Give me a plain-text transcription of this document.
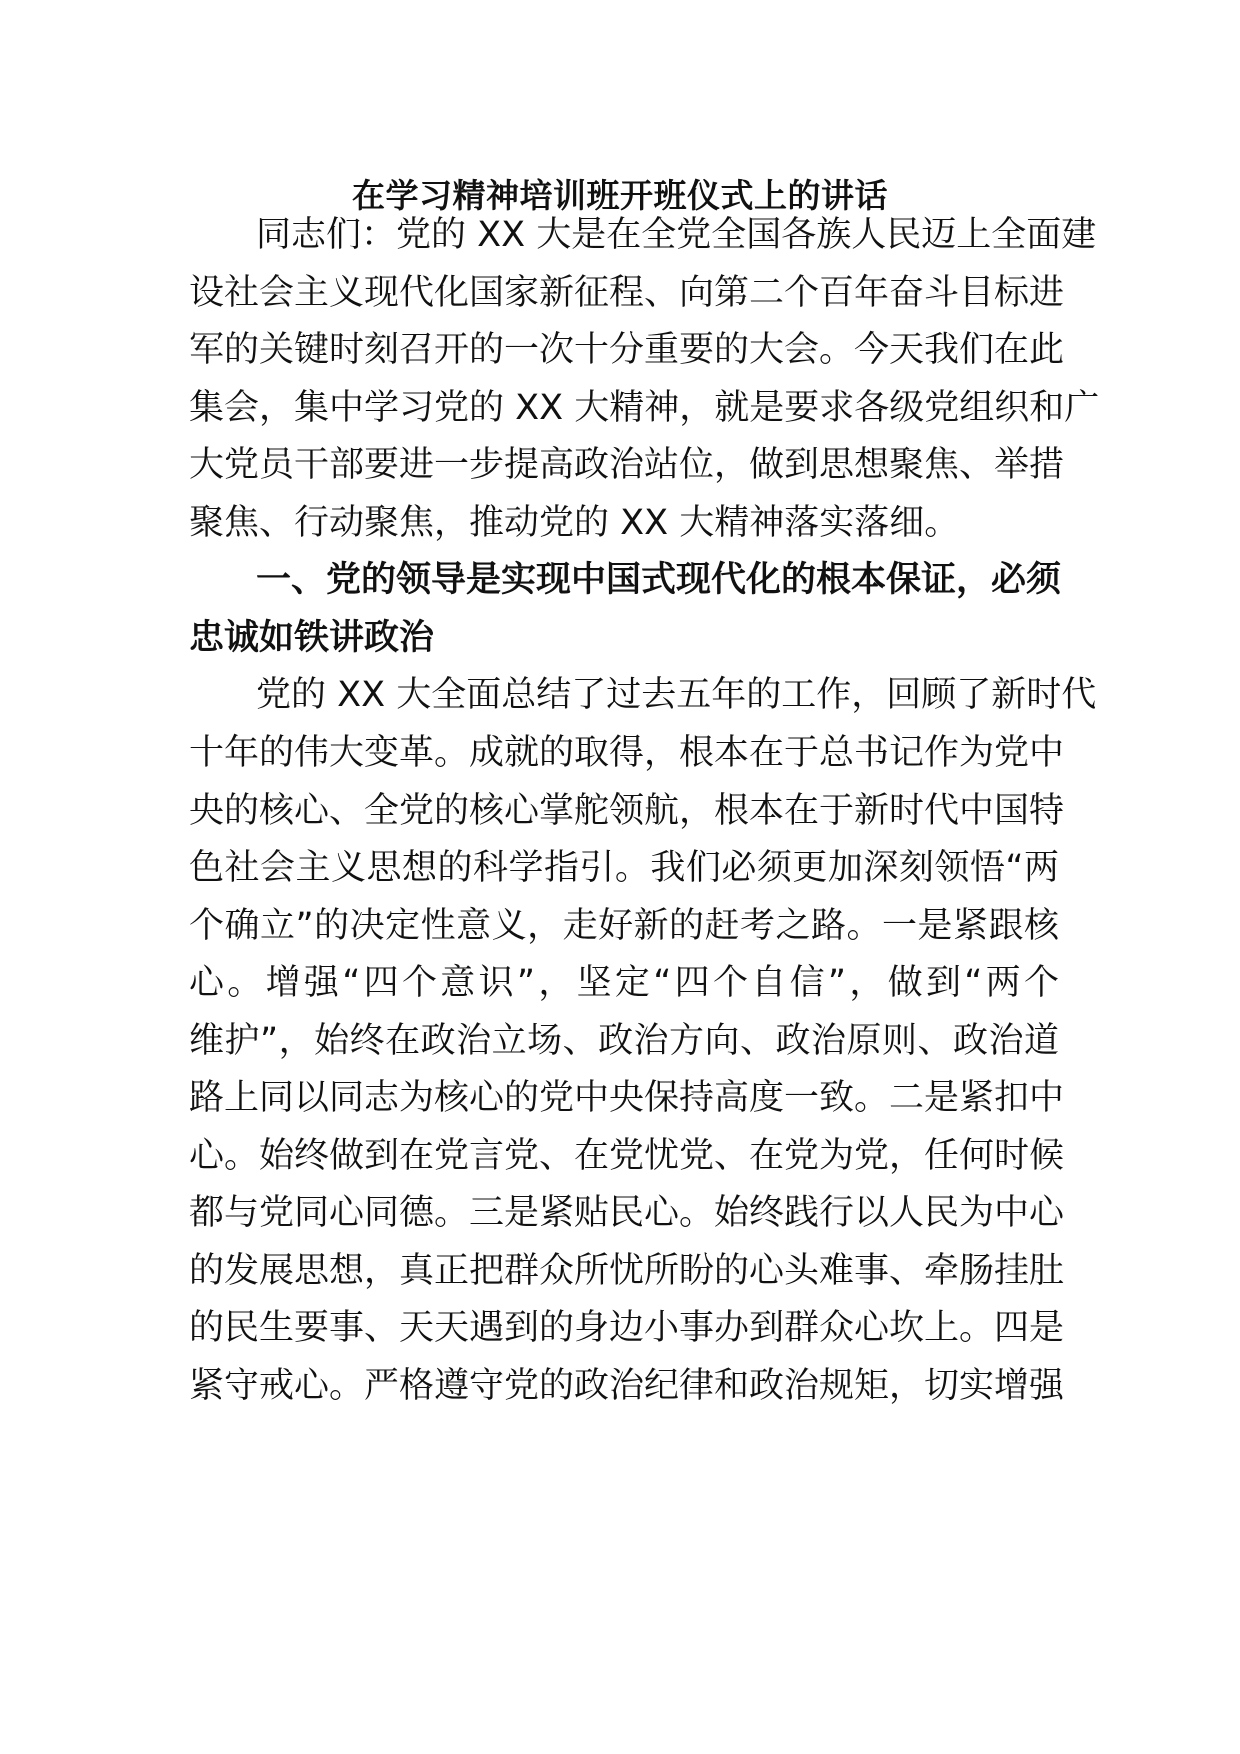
在学习精神培训班开班仪式上的讲话

同志们：党的 XX 大是在全党全国各族人民迈上全面建

设社会主义现代化国家新征程、向第二个百年奋斗目标进

军的关键时刻召开的一次十分重要的大会。今天我们在此

集会，集中学习党的 XX 大精神，就是要求各级党组织和广

大党员干部要进一步提高政治站位，做到思想聚焦、举措

聚焦、行动聚焦，推动党的 XX 大精神落实落细。

一、党的领导是实现中国式现代化的根本保证，必须

忠诚如铁讲政治

党的 XX 大全面总结了过去五年的工作，回顾了新时代

十年的伟大变革。成就的取得，根本在于总书记作为党中

央的核心、全党的核心掌舵领航，根本在于新时代中国特

色社会主义思想的科学指引。我们必须更加深刻领悟“两

个确立”的决定性意义，走好新的赶考之路。一是紧跟核

心。增强“四个意识”，坚定“四个自信”，做到“两个

维护”，始终在政治立场、政治方向、政治原则、政治道

路上同以同志为核心的党中央保持高度一致。二是紧扣中

心。始终做到在党言党、在党忧党、在党为党，任何时候

都与党同心同德。三是紧贴民心。始终践行以人民为中心

的发展思想，真正把群众所忧所盼的心头难事、牵肠挂肚

的民生要事、天天遇到的身边小事办到群众心坎上。四是

紧守戒心。严格遵守党的政治纪律和政治规矩，切实增强
